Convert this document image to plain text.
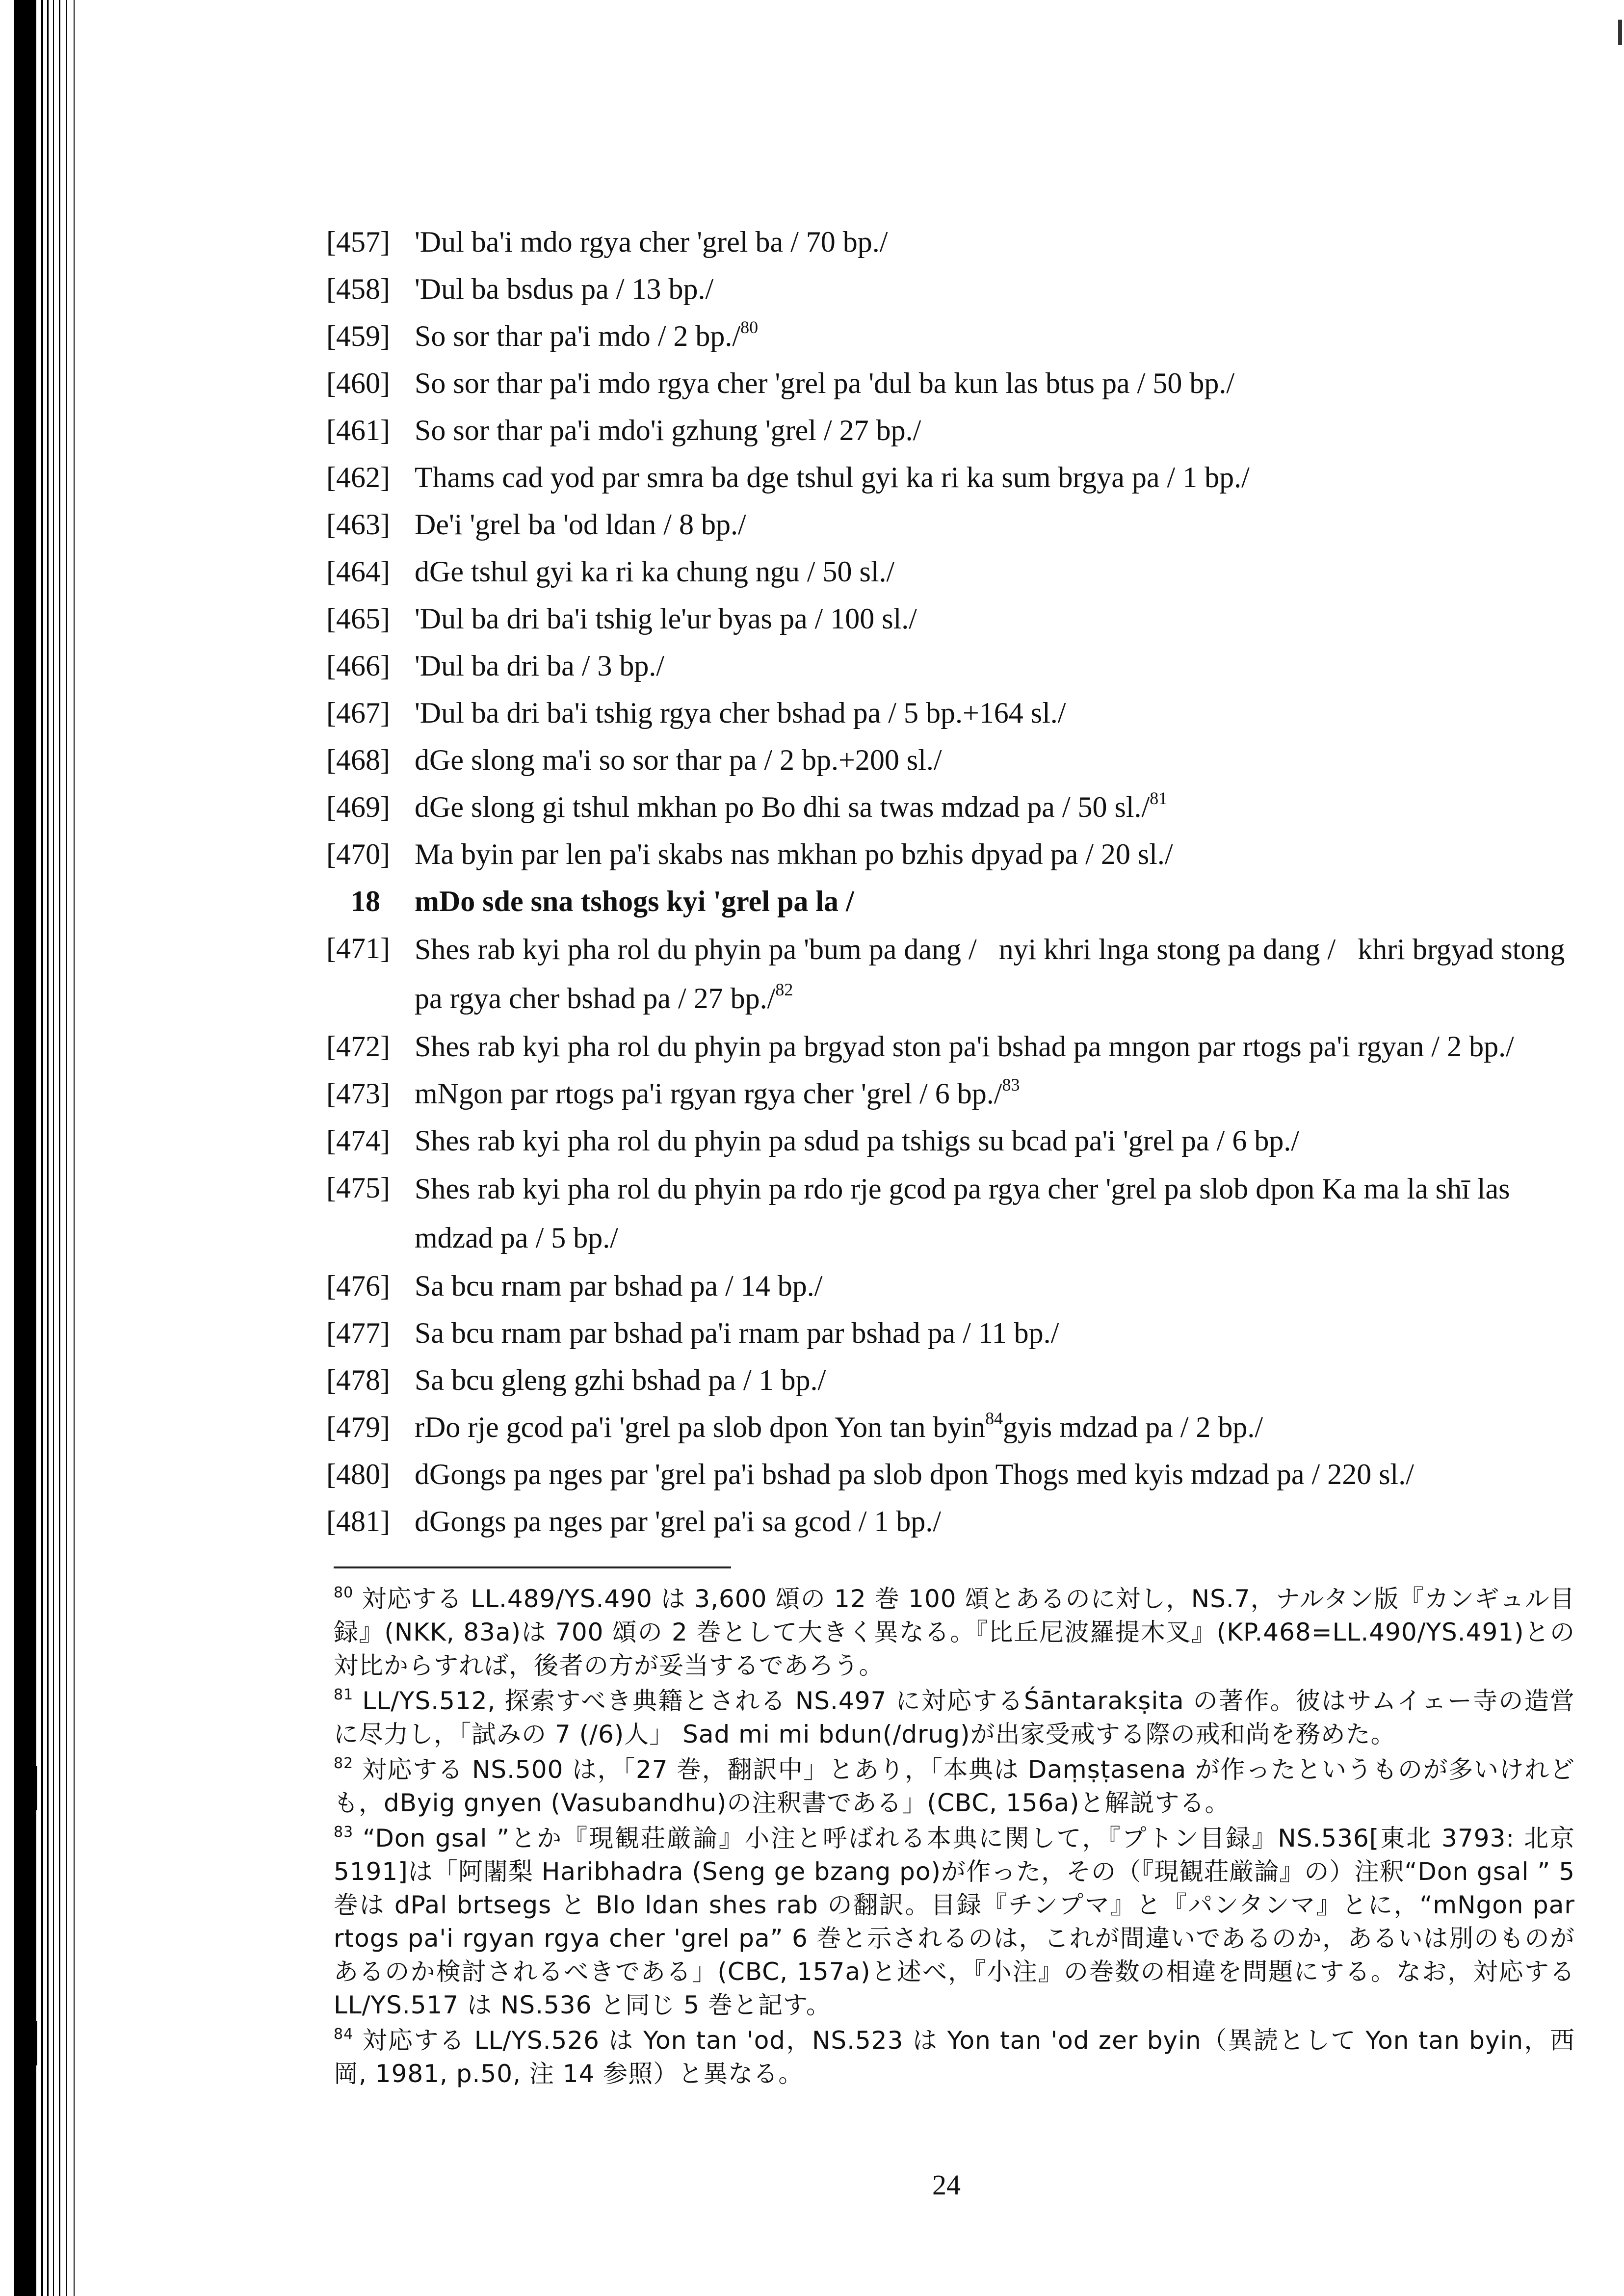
[457] 'Dul ba'i mdo rgya cher 'grel ba / 70 bp./
[458] 'Dul ba bsdus pa / 13 bp./
[459] So sor thar pa'i mdo / 2 bp./$^{80}$
[460] So sor thar pa'i mdo rgya cher 'grel pa 'dul ba kun las btus pa / 50 bp./
[461] So sor thar pa'i mdo'i gzhung 'grel / 27 bp./
[462] Thams cad yod par smra ba dge tshul gyi ka ri ka sum brgya pa / 1 bp./
[463] De'i 'grel ba 'od ldan / 8 bp./
[464] dGe tshul gyi ka ri ka chung ngu / 50 sl./
[465] 'Dul ba dri ba'i tshig le'ur byas pa / 100 sl./
[466] 'Dul ba dri ba / 3 bp./
[467] 'Dul ba dri ba'i tshig rgya cher bshad pa / 5 bp.+164 sl./
[468] dGe slong ma'i so sor thar pa / 2 bp.+200 sl./
[469] dGe slong gi tshul mkhan po Bo dhi sa twas mdzad pa / 50 sl./$^{81}$
[470] Ma byin par len pa'i skabs nas mkhan po bzhis dpyad pa / 20 sl./
18	mDo sde sna tshogs kyi 'grel pa la /
[471] Shes rab kyi pha rol du phyin pa 'bum pa dang /   nyi khri lnga stong pa dang /   khri brgyad stong pa rgya cher bshad pa / 27 bp./$^{82}$
[472] Shes rab kyi pha rol du phyin pa brgyad ston pa'i bshad pa mngon par rtogs pa'i rgyan / 2 bp./
[473] mNgon par rtogs pa'i rgyan rgya cher 'grel / 6 bp./$^{83}$
[474] Shes rab kyi pha rol du phyin pa sdud pa tshigs su bcad pa'i 'grel pa / 6 bp./
[475] Shes rab kyi pha rol du phyin pa rdo rje gcod pa rgya cher 'grel pa slob dpon Ka ma la shī las mdzad pa / 5 bp./
[476] Sa bcu rnam par bshad pa / 14 bp./
[477] Sa bcu rnam par bshad pa'i rnam par bshad pa / 11 bp./
[478] Sa bcu gleng gzhi bshad pa / 1 bp./
[479] rDo rje gcod pa'i 'grel pa slob dpon Yon tan byin$^{84}$gyis mdzad pa / 2 bp./
[480] dGongs pa nges par 'grel pa'i bshad pa slob dpon Thogs med kyis mdzad pa / 220 sl./
[481] dGongs pa nges par 'grel pa'i sa gcod / 1 bp./

$^{80}$ 対応する LL.489/YS.490 は 3,600 頌の 12 巻 100 頌とあるのに対し，NS.7，ナルタン版『カンギュル目録』(NKK, 83a)は 700 頌の 2 巻として大きく異なる。『比丘尼波羅提木叉』(KP.468=LL.490/YS.491)との対比からすれば，後者の方が妥当するであろう。

$^{81}$ LL/YS.512, 探索すべき典籍とされる NS.497 に対応するŚāntarakṣita の著作。彼はサムイェー寺の造営に尽力し，「試みの 7 (/6)人」 Sad mi mi bdun(/drug)が出家受戒する際の戒和尚を務めた。

$^{82}$ 対応する NS.500 は，「27 巻，翻訳中」とあり，「本典は Daṃṣṭasena が作ったというものが多いけれども，dByig gnyen (Vasubandhu)の注釈書である」(CBC, 156a)と解説する。

$^{83}$ “Don gsal ”とか『現観荘厳論』小注と呼ばれる本典に関して，『プトン目録』NS.536[東北 3793: 北京 5191]は「阿闍梨 Haribhadra (Seng ge bzang po)が作った，その（『現観荘厳論』の）注釈“Don gsal ” 5 巻は dPal brtsegs と Blo ldan shes rab の翻訳。目録『チンプマ』と『パンタンマ』とに，“mNgon par rtogs pa'i rgyan rgya cher 'grel pa” 6 巻と示されるのは，これが間違いであるのか，あるいは別のものがあるのか検討されるべきである」(CBC, 157a)と述べ，『小注』の巻数の相違を問題にする。なお，対応する LL/YS.517 は NS.536 と同じ 5 巻と記す。

$^{84}$ 対応する LL/YS.526 は Yon tan 'od，NS.523 は Yon tan 'od zer byin（異読として Yon tan byin，西岡, 1981, p.50, 注 14 参照）と異なる。

24
